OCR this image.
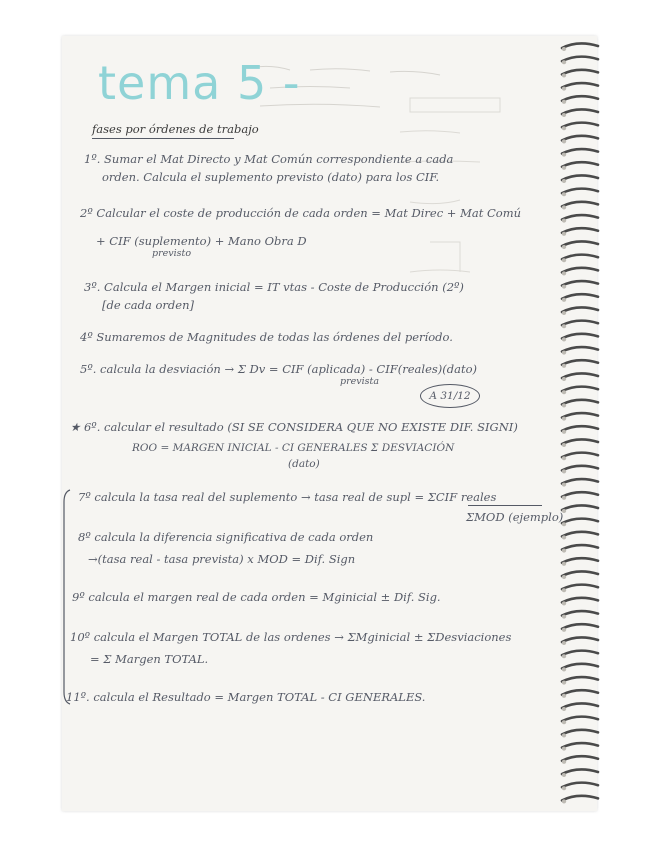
tema 5 -
fases por órdenes de trabajo
1º. Sumar el Mat Directo y Mat Común correspondiente a cada
orden. Calcula el suplemento previsto (dato) para los CIF.
2º Calcular el coste de producción de cada orden = Mat Direc + Mat Comú
+ CIF (suplemento) + Mano Obra D
previsto
3º. Calcula el Margen inicial = IT vtas - Coste de Producción (2º)
[de cada orden]
4º Sumaremos de Magnitudes de todas las órdenes del período.
5º. calcula la desviación → Σ Dv = CIF (aplicada) - CIF(reales)(dato)
prevista
A 31/12
★ 6º. calcular el resultado (SI SE CONSIDERA QUE NO EXISTE DIF. SIGNI)
ROO = MARGEN INICIAL - CI GENERALES Σ DESVIACIÓN
(dato)
7º calcula la tasa real del suplemento → tasa real de supl = ΣCIF reales
ΣMOD (ejemplo)
8º calcula la diferencia significativa de cada orden
→(tasa real - tasa prevista) x MOD = Dif. Sign
9º calcula el margen real de cada orden = Mginicial ± Dif. Sig.
10º calcula el Margen TOTAL de las ordenes → ΣMginicial ± ΣDesviaciones
= Σ Margen TOTAL.
11º. calcula el Resultado = Margen TOTAL - CI GENERALES.
